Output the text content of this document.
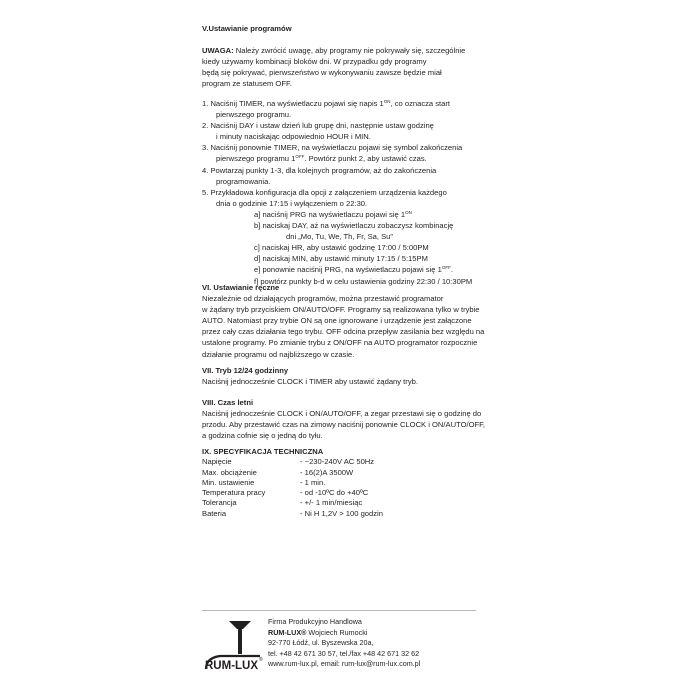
V.Ustawianie programów

UWAGA: Należy zwrócić uwagę, aby programy nie pokrywały się, szczególnie

kiedy używamy kombinacji bloków dni. W przypadku gdy programy

będą się pokrywać, pierwszeństwo w wykonywaniu zawsze będzie miał

program ze statusem OFF.

1. Naciśnij TIMER, na wyświetlaczu pojawi się napis $1^{ON}$, co oznacza start

pierwszego programu.

2. Naciśnij DAY i ustaw dzień lub grupę dni, następnie ustaw godzinę

i minuty naciskając odpowiednio HOUR i MIN.

3. Naciśnij ponownie TIMER, na wyświetlaczu pojawi się symbol zakończenia

pierwszego programu $1^{OFF}$. Powtórz punkt 2, aby ustawić czas.

4. Powtarzaj punkty 1-3, dla kolejnych programów, aż do zakończenia

programowania.

5. Przykładowa konfiguracja dla opcji z załączeniem urządzenia każdego

dnia o godzinie 17:15 i wyłączeniem o 22:30.

a] naciśnij PRG na wyświetlaczu pojawi się $1^{ON}$

b] naciskaj DAY, aż na wyświetlaczu zobaczysz kombinację

dni „Mo, Tu, We, Th, Fr, Sa, Su”

c] naciskaj HR, aby ustawić godzinę 17:00 / 5:00PM

d] naciskaj MIN, aby ustawić minuty 17:15 / 5:15PM

e] ponownie naciśnij PRG, na wyświetlaczu pojawi się $1^{OFF}$.

f] powtórz punkty b-d w celu ustawienia godziny 22:30 / 10:30PM

VI. Ustawianie ręczne

Niezależnie od działających programów, można przestawić programator

w żądany tryb przyciskiem ON/AUTO/OFF. Programy są realizowana tylko w trybie

AUTO. Natomiast przy trybie ON są one ignorowane i urządzenie jest załączone

przez cały czas działania tego trybu. OFF odcina przepływ zasilania bez względu na

ustalone programy. Po zmianie trybu z ON/OFF na AUTO programator rozpocznie

działanie programu od najbliższego w czasie.

VII. Tryb 12/24 godzinny

Naciśnij jednocześnie CLOCK i TIMER aby ustawić żądany tryb.

VIII. Czas letni

Naciśnij jednocześnie CLOCK i ON/AUTO/OFF, a zegar przestawi się o godzinę do

przodu. Aby przestawić czas na zimowy naciśnij ponownie CLOCK i ON/AUTO/OFF,

a godzina cofnie się o jedną do tyłu.

IX. SPECYFIKACJA TECHNICZNA

Napięcie	- ~230-240V AC 50Hz
Max. obciążenie	- 16(2)A 3500W
Min. ustawienie	- 1 min.
Temperatura pracy	- od -10ºC do +40ºC
Tolerancja	- +/- 1 min/miesiąc
Bateria	- Ni H 1,2V > 100 godzin
RUM-LUX ®

Firma Produkcyjno Handlowa

RUM-LUX® Wojciech Rumocki

92-770 Łódź, ul. Byszewska 20a,

tel. +48 42 671 30 57, tel./fax +48 42 671 32 62

www.rum-lux.pl, email: rum-lux@rum-lux.com.pl
